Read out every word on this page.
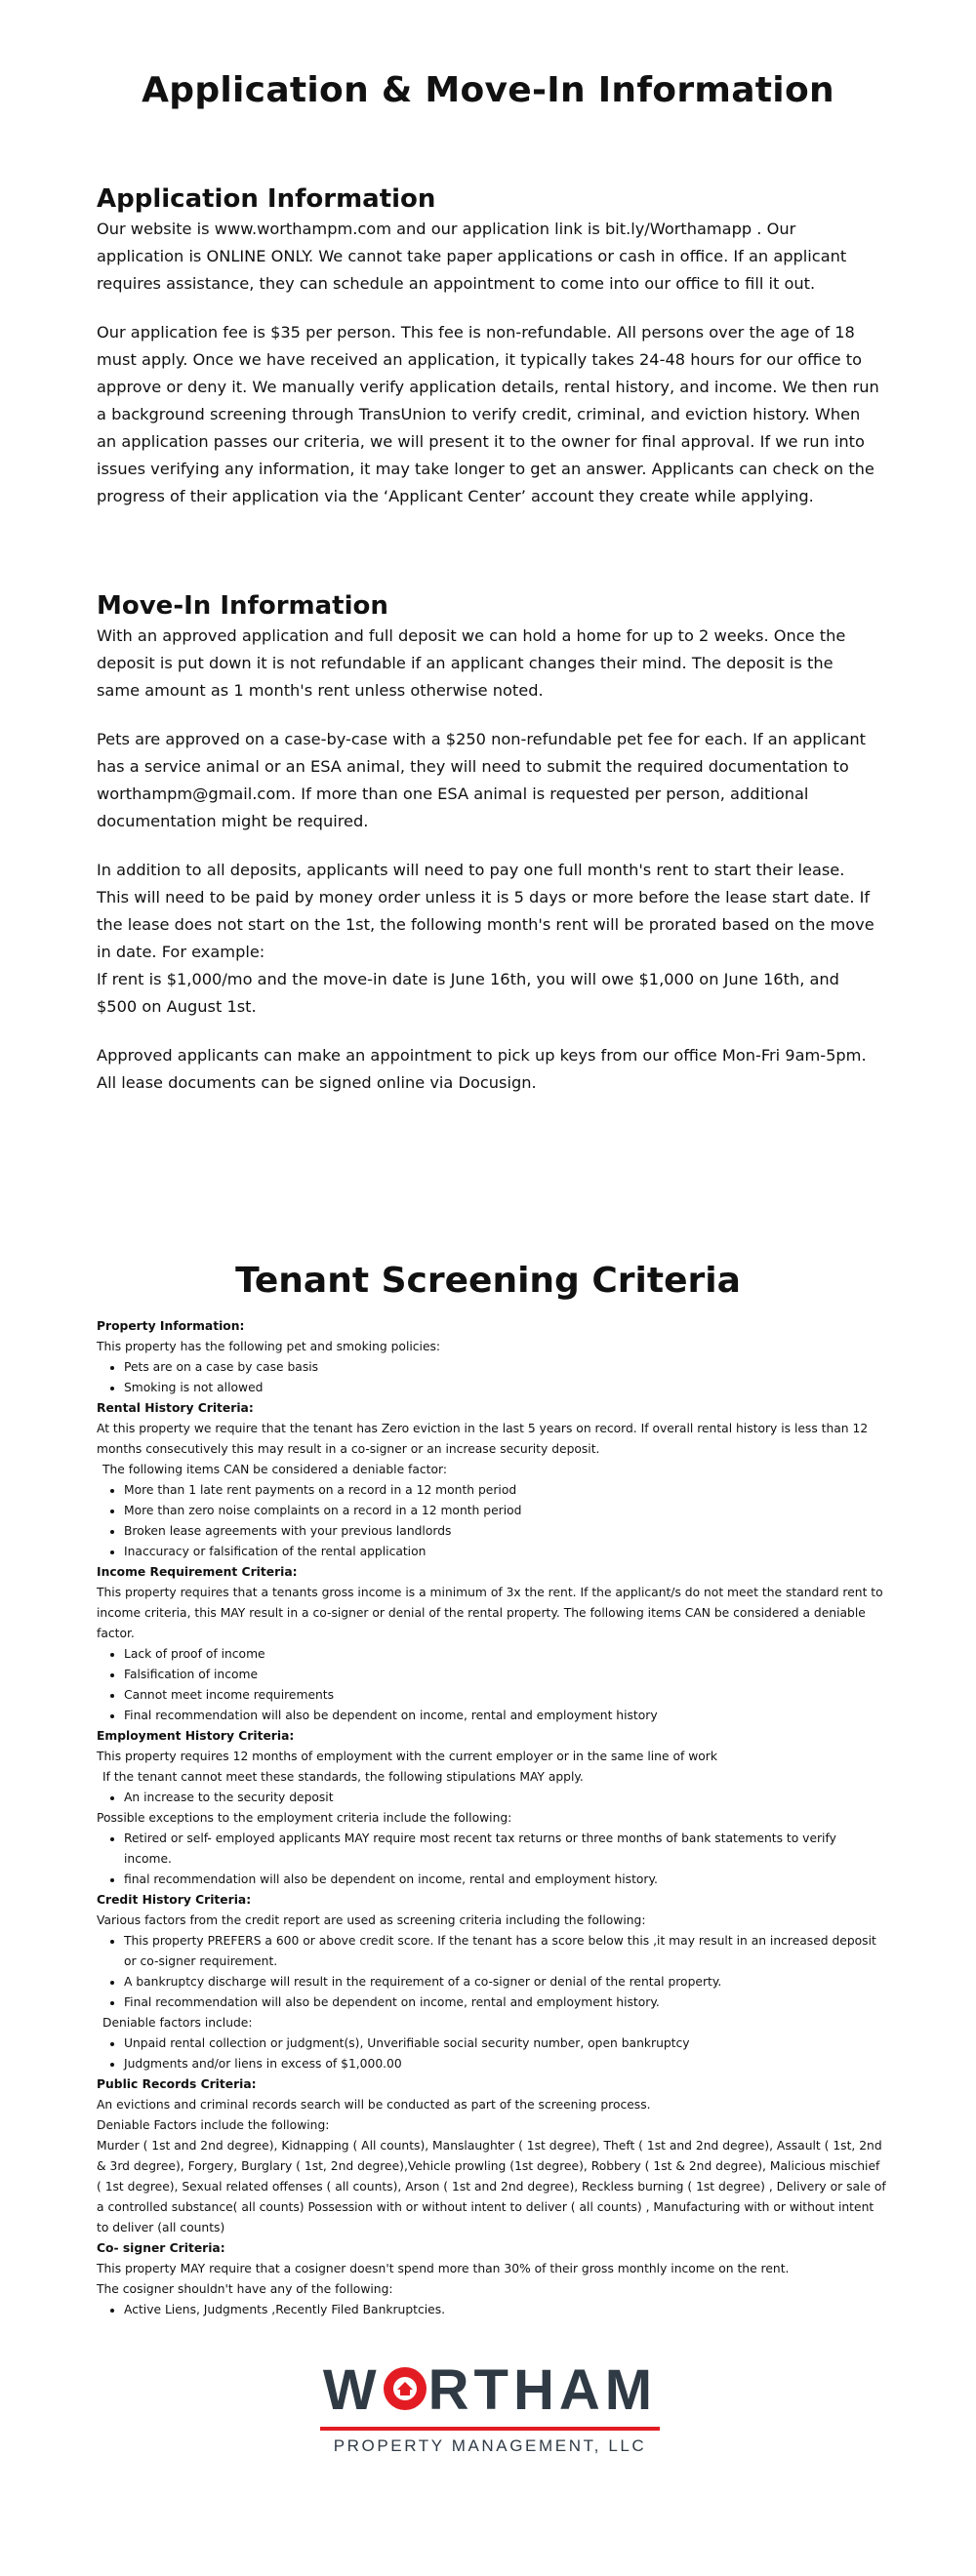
Application & Move-In Information
Application Information

Our website is www.worthampm.com and our application link is bit.ly/Worthamapp . Our application is ONLINE ONLY. We cannot take paper applications or cash in office. If an applicant requires assistance, they can schedule an appointment to come into our office to fill it out.

Our application fee is $35 per person. This fee is non-refundable. All persons over the age of 18 must apply. Once we have received an application, it typically takes 24-48 hours for our office to approve or deny it. We manually verify application details, rental history, and income. We then run a background screening through TransUnion to verify credit, criminal, and eviction history. When an application passes our criteria, we will present it to the owner for final approval. If we run into issues verifying any information, it may take longer to get an answer. Applicants can check on the progress of their application via the ‘Applicant Center’ account they create while applying.

Move-In Information

With an approved application and full deposit we can hold a home for up to 2 weeks. Once the deposit is put down it is not refundable if an applicant changes their mind. The deposit is the same amount as 1 month's rent unless otherwise noted.

Pets are approved on a case-by-case with a $250 non-refundable pet fee for each. If an applicant has a service animal or an ESA animal, they will need to submit the required documentation to worthampm@gmail.com. If more than one ESA animal is requested per person, additional documentation might be required.

In addition to all deposits, applicants will need to pay one full month's rent to start their lease. This will need to be paid by money order unless it is 5 days or more before the lease start date. If the lease does not start on the 1st, the following month's rent will be prorated based on the move in date. For example:

If rent is $1,000/mo and the move-in date is June 16th, you will owe $1,000 on June 16th, and $500 on August 1st.

Approved applicants can make an appointment to pick up keys from our office Mon-Fri 9am-5pm. All lease documents can be signed online via Docusign.

Tenant Screening Criteria

Property Information:

This property has the following pet and smoking policies:

• Pets are on a case by case basis
• Smoking is not allowed

Rental History Criteria:

At this property we require that the tenant has Zero eviction in the last 5 years on record. If overall rental history is less than 12 months consecutively this may result in a co-signer or an increase security deposit.

The following items CAN be considered a deniable factor:

• More than 1 late rent payments on a record in a 12 month period
• More than zero noise complaints on a record in a 12 month period
• Broken lease agreements with your previous landlords
• Inaccuracy or falsification of the rental application

Income Requirement Criteria:

This property requires that a tenants gross income is a minimum of 3x the rent. If the applicant/s do not meet the standard rent to income criteria, this MAY result in a co-signer or denial of the rental property. The following items CAN be considered a deniable factor.

• Lack of proof of income
• Falsification of income
• Cannot meet income requirements
• Final recommendation will also be dependent on income, rental and employment history

Employment History Criteria:

This property requires 12 months of employment with the current employer or in the same line of work

If the tenant cannot meet these standards, the following stipulations MAY apply.

• An increase to the security deposit

Possible exceptions to the employment criteria include the following:

• Retired or self- employed applicants MAY require most recent tax returns or three months of bank statements to verify income.
• final recommendation will also be dependent on income, rental and employment history.

Credit History Criteria:

Various factors from the credit report are used as screening criteria including the following:

• This property PREFERS a 600 or above credit score. If the tenant has a score below this ,it may result in an increased deposit or co-signer requirement.
• A bankruptcy discharge will result in the requirement of a co-signer or denial of the rental property.
• Final recommendation will also be dependent on income, rental and employment history.

Deniable factors include:

• Unpaid rental collection or judgment(s), Unverifiable social security number, open bankruptcy
• Judgments and/or liens in excess of $1,000.00

Public Records Criteria:

An evictions and criminal records search will be conducted as part of the screening process.

Deniable Factors include the following:

Murder ( 1st and 2nd degree), Kidnapping ( All counts), Manslaughter ( 1st degree), Theft ( 1st and 2nd degree), Assault ( 1st, 2nd & 3rd degree), Forgery, Burglary ( 1st, 2nd degree),Vehicle prowling (1st degree), Robbery ( 1st & 2nd degree), Malicious mischief ( 1st degree), Sexual related offenses ( all counts), Arson ( 1st and 2nd degree), Reckless burning ( 1st degree) , Delivery or sale of a controlled substance( all counts) Possession with or without intent to deliver ( all counts) , Manufacturing with or without intent to deliver (all counts)

Co- signer Criteria:

This property MAY require that a cosigner doesn't spend more than 30% of their gross monthly income on the rent.

The cosigner shouldn't have any of the following:

• Active Liens, Judgments ,Recently Filed Bankruptcies.
W RTHAM
PROPERTY MANAGEMENT, LLC
